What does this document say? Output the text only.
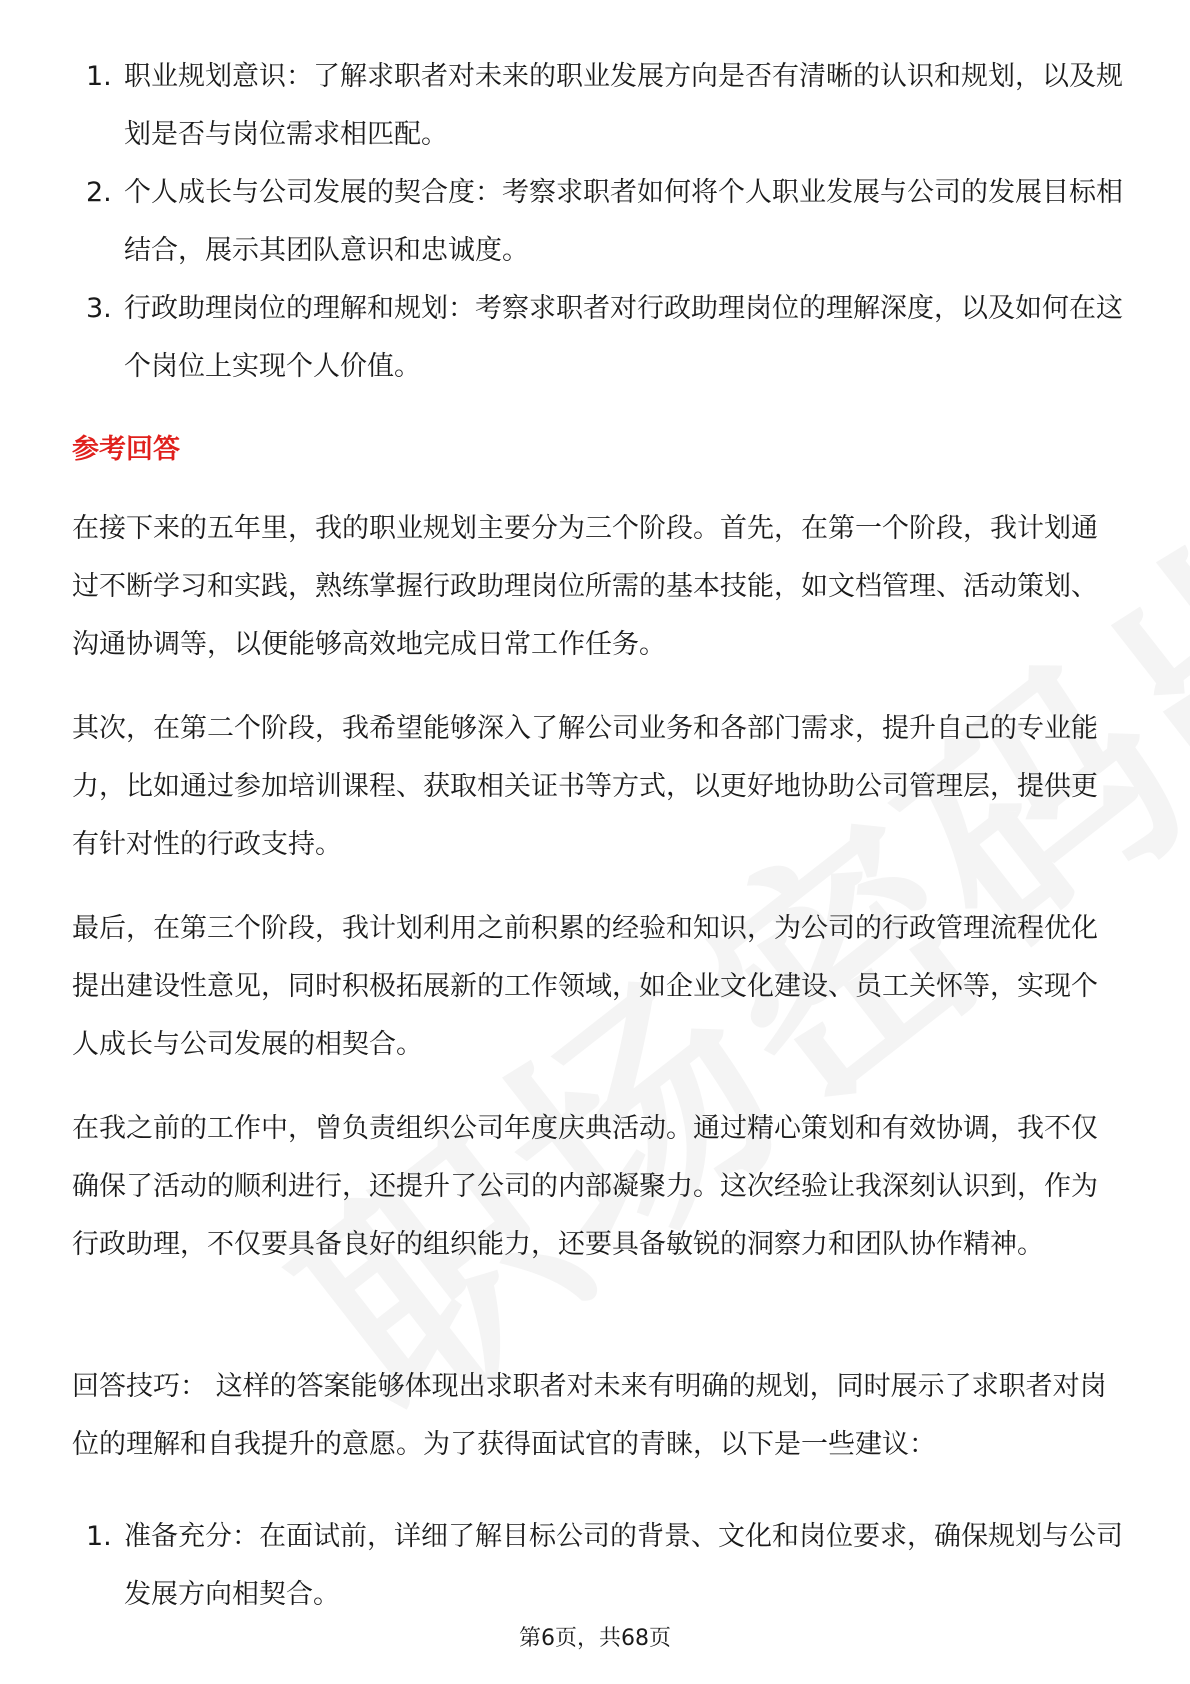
1. 职业规划意识：了解求职者对未来的职业发展方向是否有清晰的认识和规划，以及规划是否与岗位需求相匹配。
2. 个人成长与公司发展的契合度：考察求职者如何将个人职业发展与公司的发展目标相结合，展示其团队意识和忠诚度。
3. 行政助理岗位的理解和规划：考察求职者对行政助理岗位的理解深度，以及如何在这个岗位上实现个人价值。
参考回答

在接下来的五年里，我的职业规划主要分为三个阶段。首先，在第一个阶段，我计划通过不断学习和实践，熟练掌握行政助理岗位所需的基本技能，如文档管理、活动策划、沟通协调等，以便能够高效地完成日常工作任务。

其次，在第二个阶段，我希望能够深入了解公司业务和各部门需求，提升自己的专业能力，比如通过参加培训课程、获取相关证书等方式，以更好地协助公司管理层，提供更有针对性的行政支持。

最后，在第三个阶段，我计划利用之前积累的经验和知识，为公司的行政管理流程优化提出建设性意见，同时积极拓展新的工作领域，如企业文化建设、员工关怀等，实现个人成长与公司发展的相契合。

在我之前的工作中，曾负责组织公司年度庆典活动。通过精心策划和有效协调，我不仅确保了活动的顺利进行，还提升了公司的内部凝聚力。这次经验让我深刻认识到，作为行政助理，不仅要具备良好的组织能力，还要具备敏锐的洞察力和团队协作精神。

回答技巧： 这样的答案能够体现出求职者对未来有明确的规划，同时展示了求职者对岗位的理解和自我提升的意愿。为了获得面试官的青睐，以下是一些建议：

1. 准备充分：在面试前，详细了解目标公司的背景、文化和岗位要求，确保规划与公司发展方向相契合。
第6页，共68页
